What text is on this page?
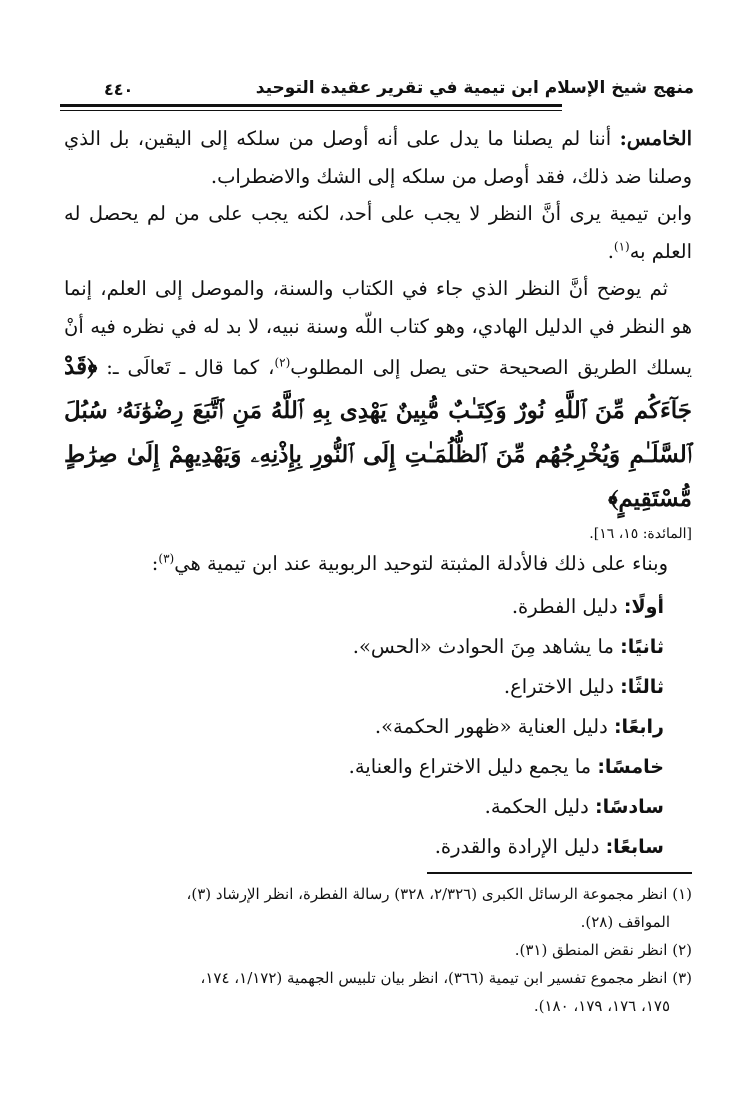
منهج شيخ الإسلام ابن تيمية في تقرير عقيدة التوحيد
٤٤٠

الخامس: أننا لم يصلنا ما يدل على أنه أوصل من سلكه إلى اليقين، بل الذي وصلنا ضد ذلك، فقد أوصل من سلكه إلى الشك والاضطراب.

وابن تيمية يرى أنَّ النظر لا يجب على أحد، لكنه يجب على من لم يحصل له العلم به$^{(١)}$.

ثم يوضح أنَّ النظر الذي جاء في الكتاب والسنة، والموصل إلى العلم، إنما هو النظر في الدليل الهادي، وهو كتاب اللّه وسنة نبيه، لا بد له في نظره فيه أنْ يسلك الطريق الصحيحة حتى يصل إلى المطلوب$^{(٢)}$، كما قال ـ تَعالَى ـ: ﴿قَدْ جَآءَكُم مِّنَ ٱللَّهِ نُورٌ وَكِتَـٰبٌ مُّبِينٌ يَهْدِى بِهِ ٱللَّهُ مَنِ ٱتَّبَعَ رِضْوَٰنَهُۥ سُبُلَ ٱلسَّلَـٰمِ وَيُخْرِجُهُم مِّنَ ٱلظُّلُمَـٰتِ إِلَى ٱلنُّورِ بِإِذْنِهِۦ وَيَهْدِيهِمْ إِلَىٰ صِرَٰطٍ مُّسْتَقِيمٍ﴾

[المائدة: ١٥، ١٦].

وبناء على ذلك فالأدلة المثبتة لتوحيد الربوبية عند ابن تيمية هي$^{(٣)}$:

أولًا: دليل الفطرة.
ثانيًا: ما يشاهد مِنَ الحوادث «الحس».
ثالثًا: دليل الاختراع.
رابعًا: دليل العناية «ظهور الحكمة».
خامسًا: ما يجمع دليل الاختراع والعناية.
سادسًا: دليل الحكمة.
سابعًا: دليل الإرادة والقدرة.

(١) انظر مجموعة الرسائل الكبرى (٢/٣٢٦، ٣٢٨) رسالة الفطرة، انظر الإرشاد (٣)،

المواقف (٢٨).

(٢) انظر نقض المنطق (٣١).

(٣) انظر مجموع تفسير ابن تيمية (٣٦٦)، انظر بيان تلبيس الجهمية (١/١٧٢، ١٧٤،

١٧٥، ١٧٦، ١٧٩، ١٨٠).
